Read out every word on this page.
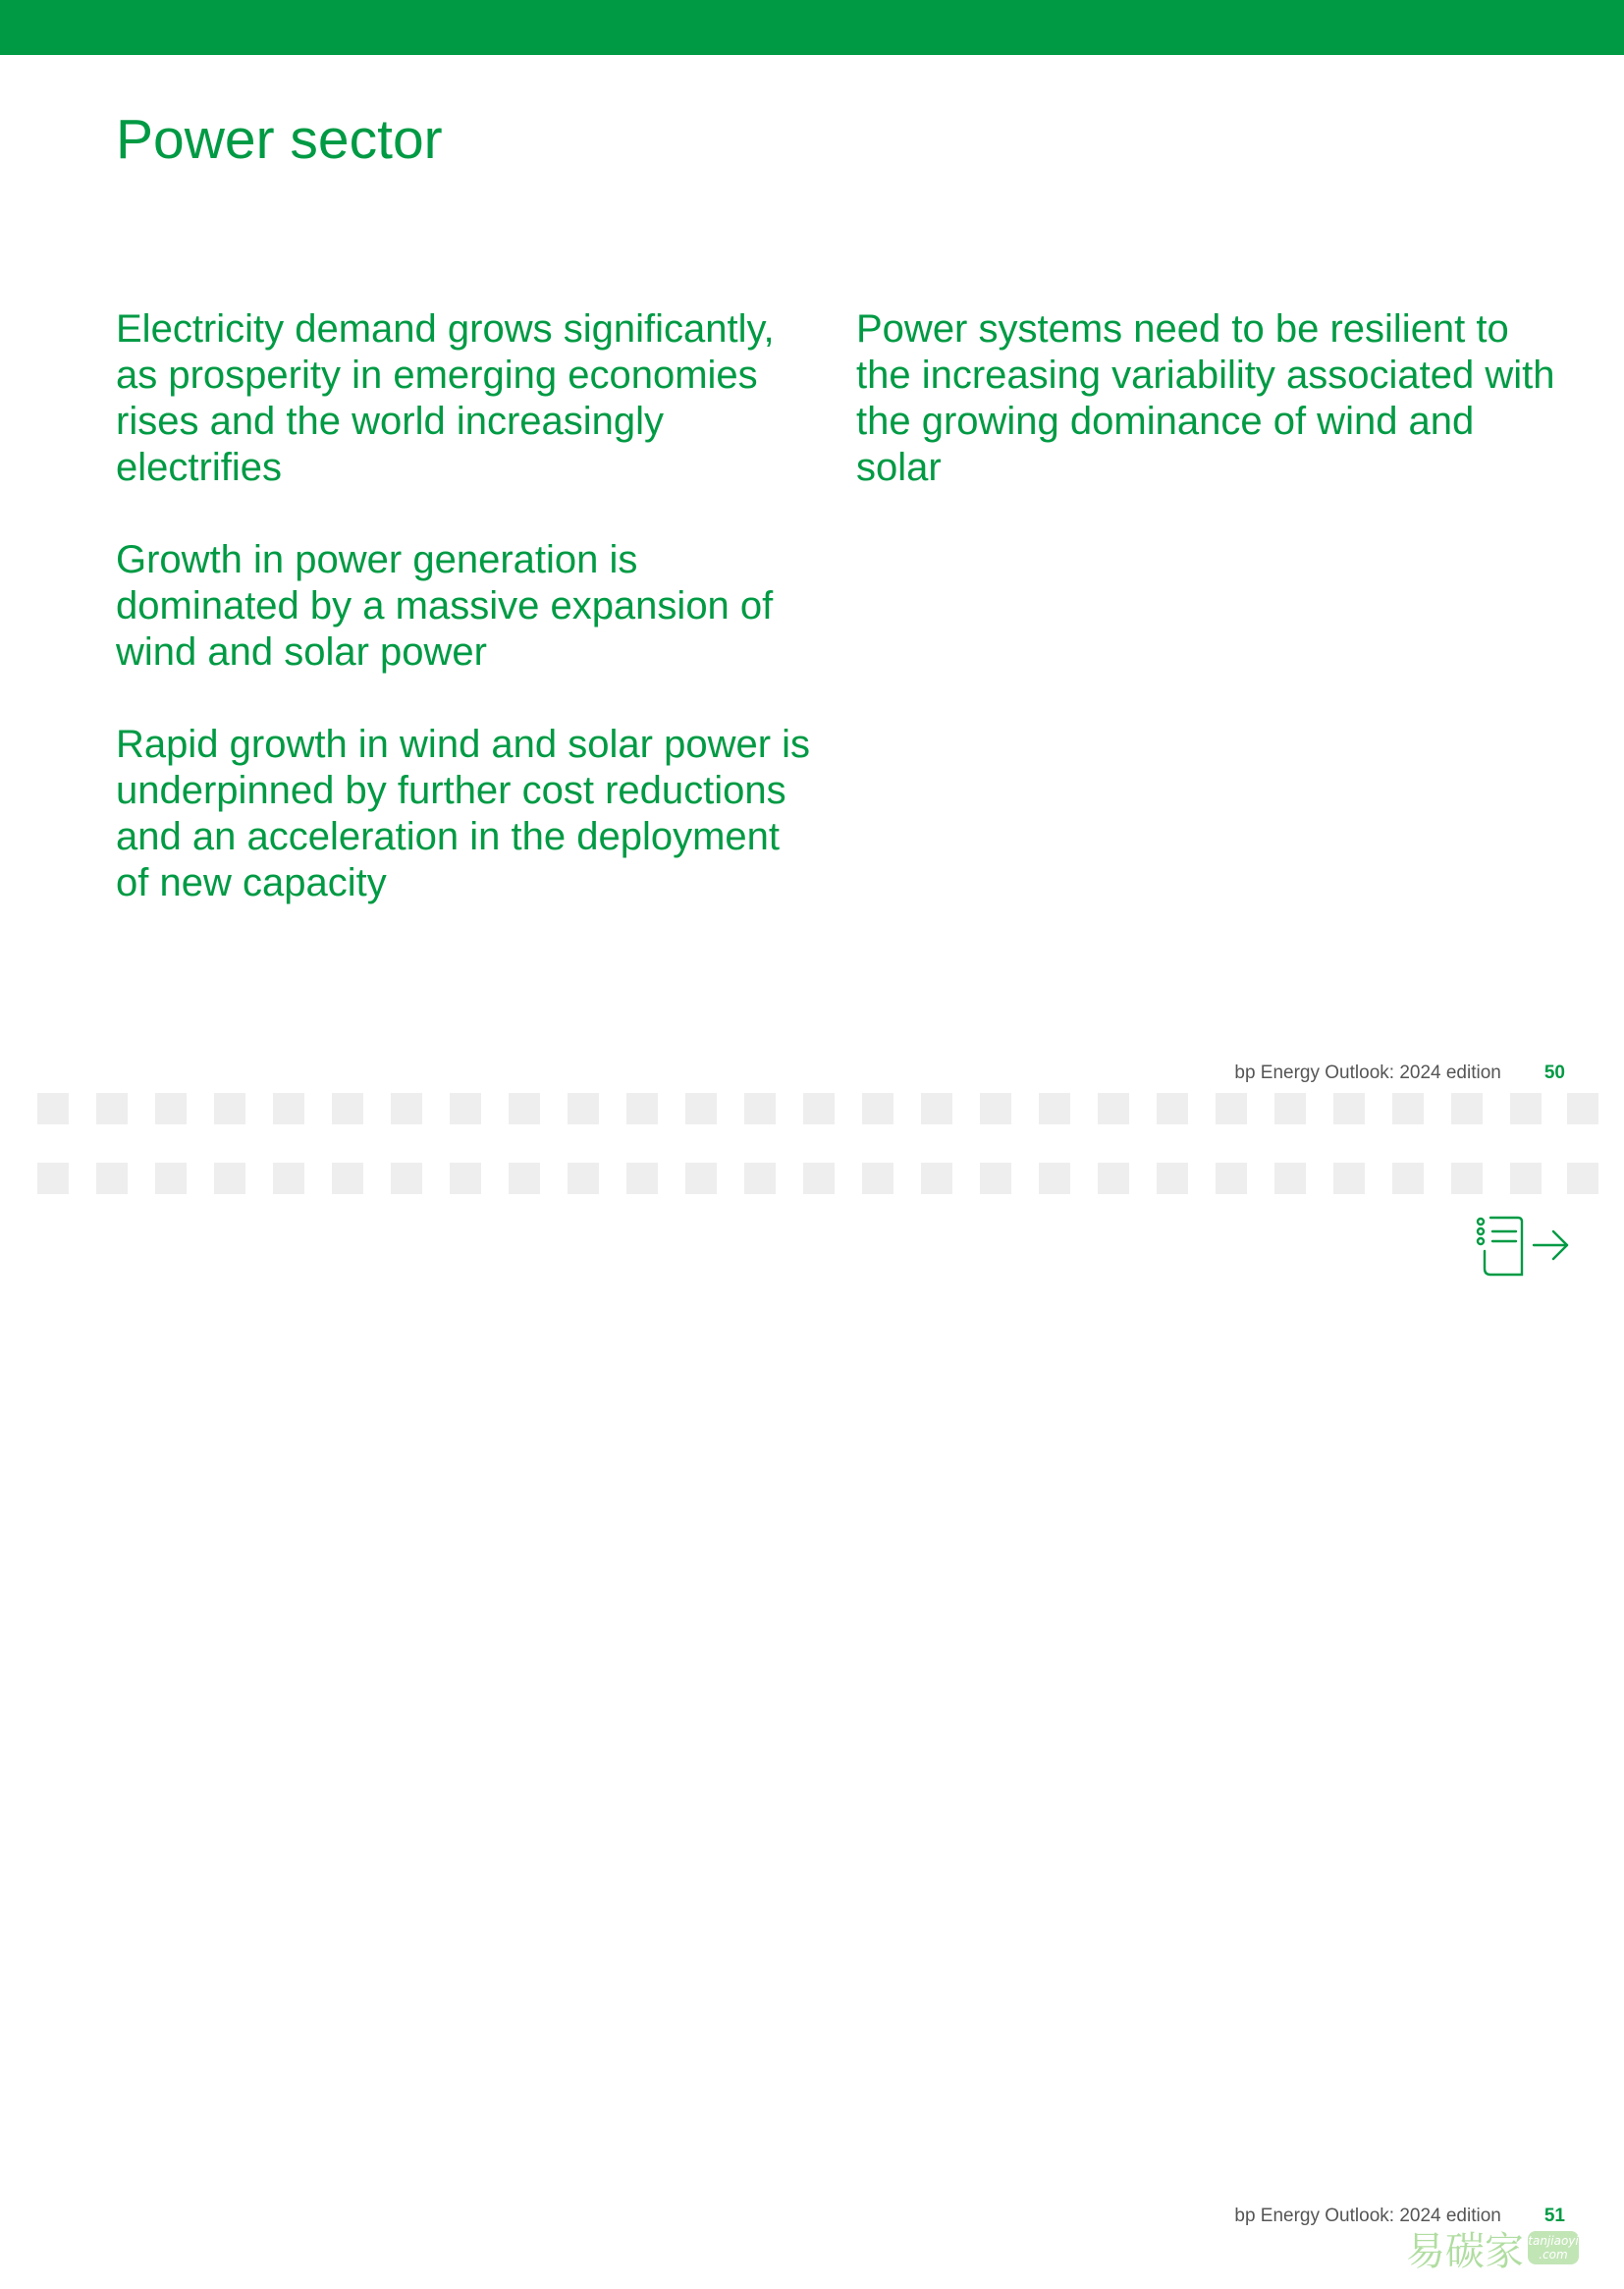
Power sector

Electricity demand grows significantly, as prosperity in emerging economies rises and the world increasingly electrifies

Growth in power generation is dominated by a massive expansion of wind and solar power

Rapid growth in wind and solar power is underpinned by further cost reductions and an acceleration in the deployment of new capacity

Power systems need to be resilient to the increasing variability associated with the growing dominance of wind and solar

bp Energy Outlook: 2024 edition 50
bp Energy Outlook: 2024 edition 51
易碳家 tanjiaoyi
.com
